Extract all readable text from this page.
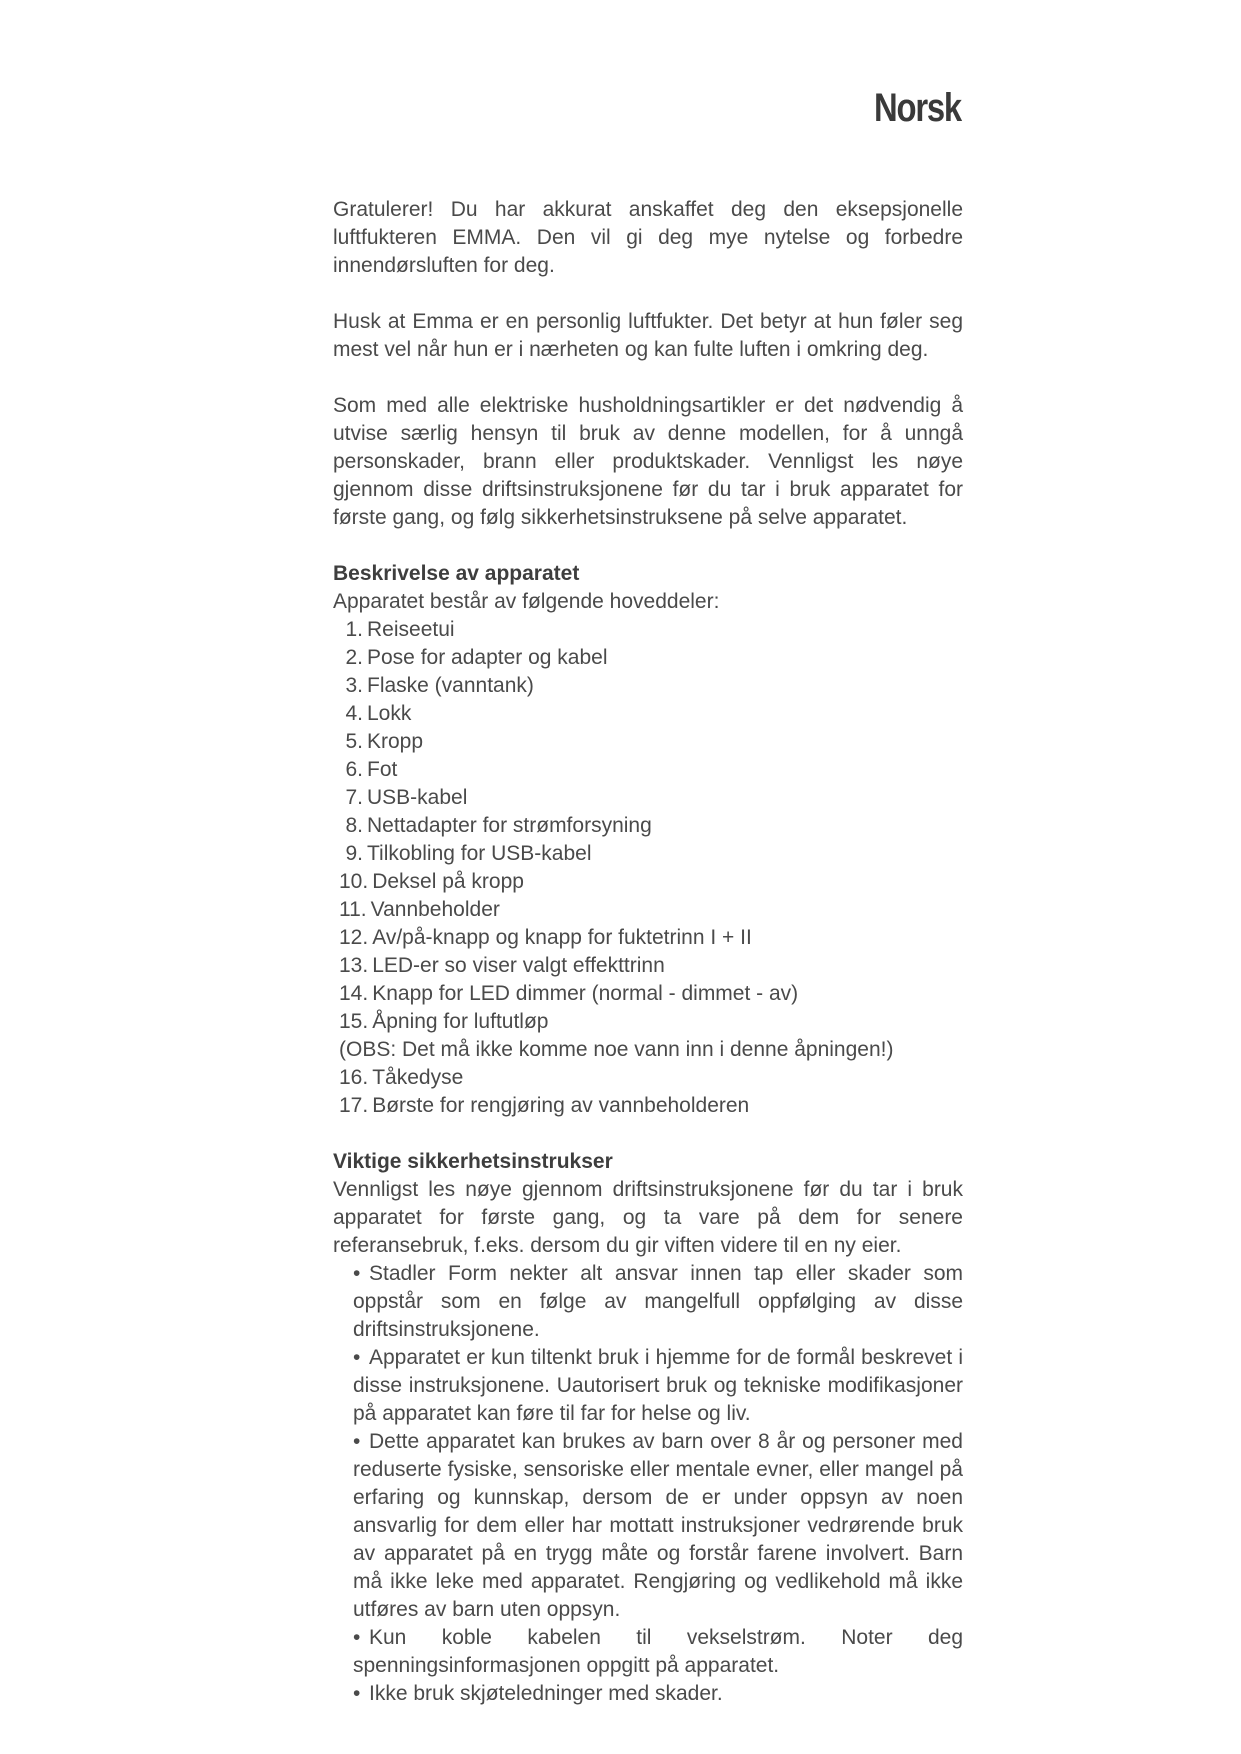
Norsk

Gratulerer! Du har akkurat anskaffet deg den eksepsjonelle luftfukteren EMMA. Den vil gi deg mye nytelse og forbedre innendørsluften for deg.

Husk at Emma er en personlig luftfukter. Det betyr at hun føler seg mest vel når hun er i nærheten og kan fulte luften i omkring deg.

Som med alle elektriske husholdningsartikler er det nødvendig å utvise særlig hensyn til bruk av denne modellen, for å unngå personskader, brann eller produktskader. Vennligst les nøye gjennom disse driftsinstruksjonene før du tar i bruk apparatet for første gang, og følg sikkerhetsinstruksene på selve apparatet.

Beskrivelse av apparatet

Apparatet består av følgende hoveddeler:

1. Reiseetui
2. Pose for adapter og kabel
3. Flaske (vanntank)
4. Lokk
5. Kropp
6. Fot
7. USB-kabel
8. Nettadapter for strømforsyning
9. Tilkobling for USB-kabel
10. Deksel på kropp
11. Vannbeholder
12. Av/på-knapp og knapp for fuktetrinn I + II
13. LED-er so viser valgt effekttrinn
14. Knapp for LED dimmer (normal - dimmet - av)
15. Åpning for luftutløp
(OBS: Det må ikke komme noe vann inn i denne åpningen!)
16. Tåkedyse
17. Børste for rengjøring av vannbeholderen

Viktige sikkerhetsinstrukser

Vennligst les nøye gjennom driftsinstruksjonene før du tar i bruk apparatet for første gang, og ta vare på dem for senere referansebruk, f.eks. dersom du gir viften videre til en ny eier.

• Stadler Form nekter alt ansvar innen tap eller skader som oppstår som en følge av mangelfull oppfølging av disse driftsinstruksjonene.
• Apparatet er kun tiltenkt bruk i hjemme for de formål beskrevet i disse instruksjonene. Uautorisert bruk og tekniske modifikasjoner på apparatet kan føre til far for helse og liv.
• Dette apparatet kan brukes av barn over 8 år og personer med reduserte fysiske, sensoriske eller mentale evner, eller mangel på erfaring og kunnskap, dersom de er under oppsyn av noen ansvarlig for dem eller har mottatt instruksjoner vedrørende bruk av apparatet på en trygg måte og forstår farene involvert. Barn må ikke leke med apparatet. Rengjøring og vedlikehold må ikke utføres av barn uten oppsyn.
• Kun koble kabelen til vekselstrøm. Noter deg spenningsinformasjonen oppgitt på apparatet.
• Ikke bruk skjøteledninger med skader.
